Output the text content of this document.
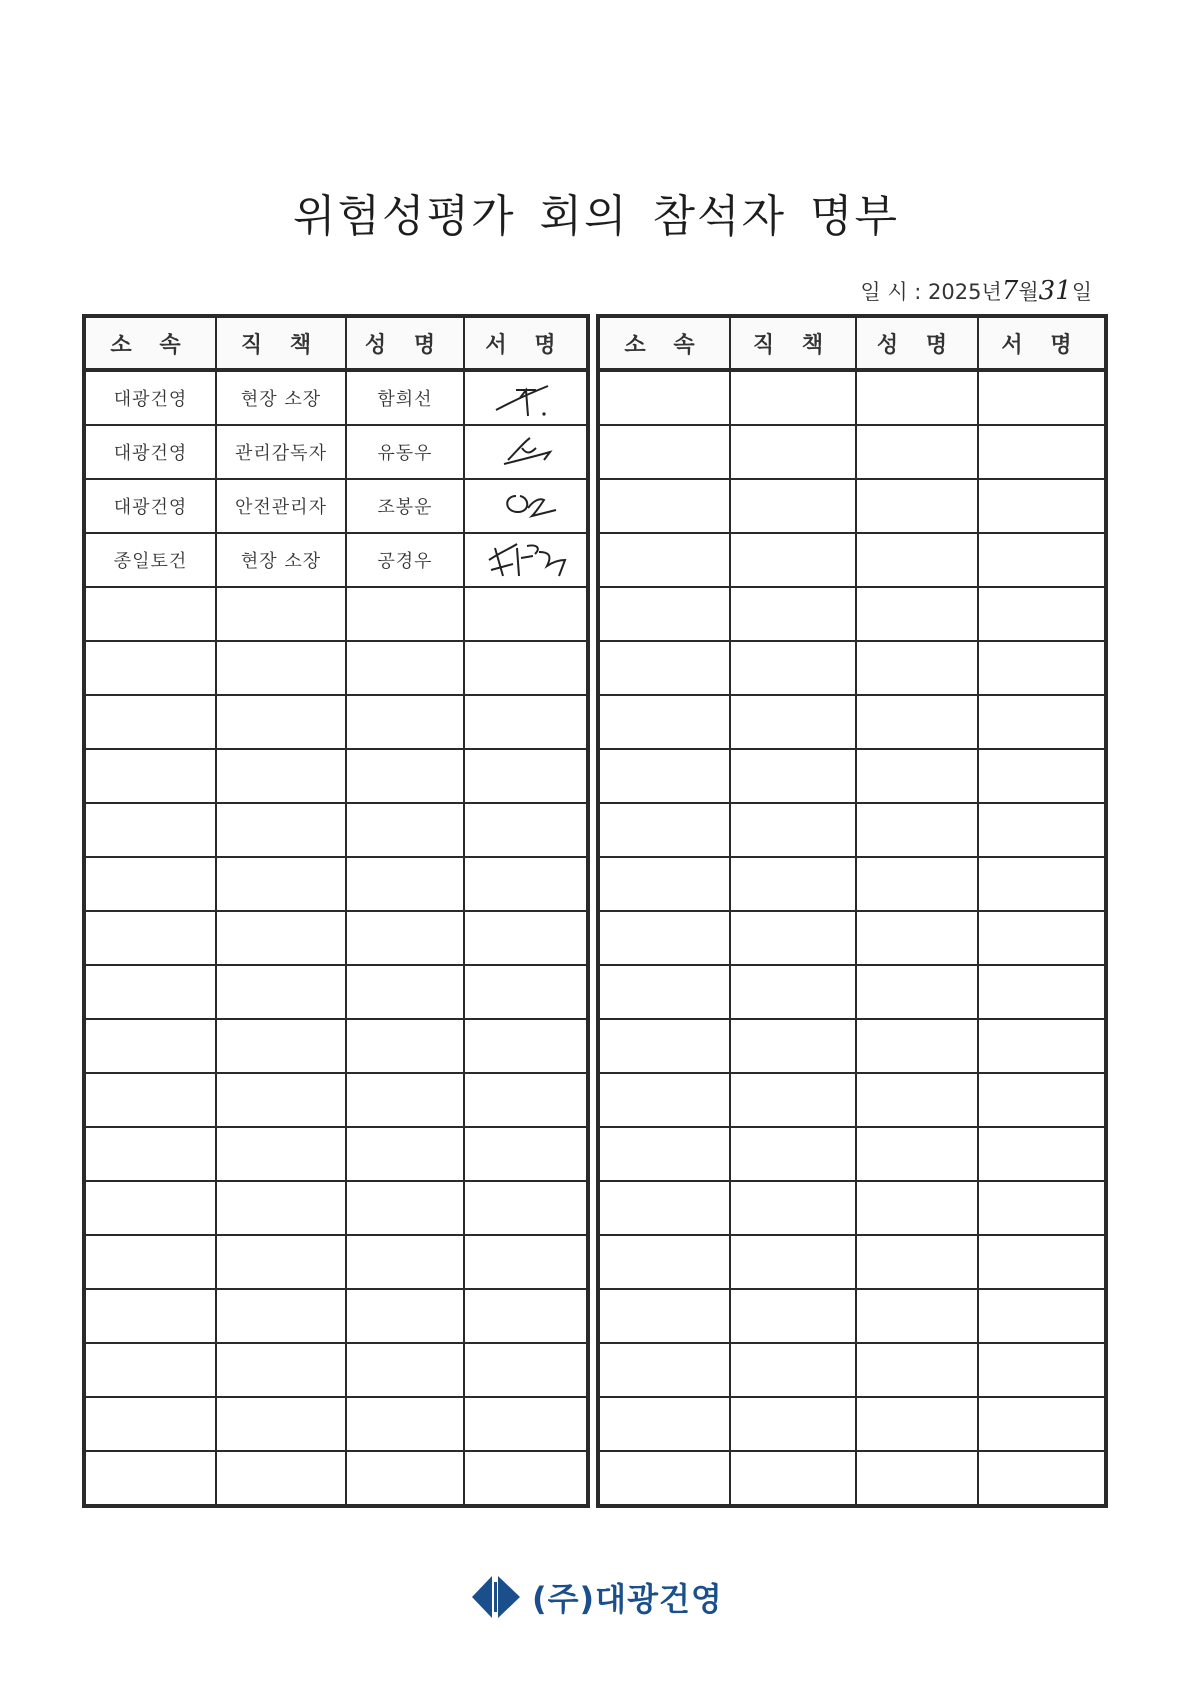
위험성평가 회의 참석자 명부
일 시 : 2025년7월31일
소 속	직 책	성 명	서 명
대광건영	현장 소장	함희선	

대광건영	관리감독자	유동우	

대광건영	안전관리자	조봉운	

종일토건	현장 소장	공경우	

소 속	직 책	성 명	서 명

(주)대광건영
